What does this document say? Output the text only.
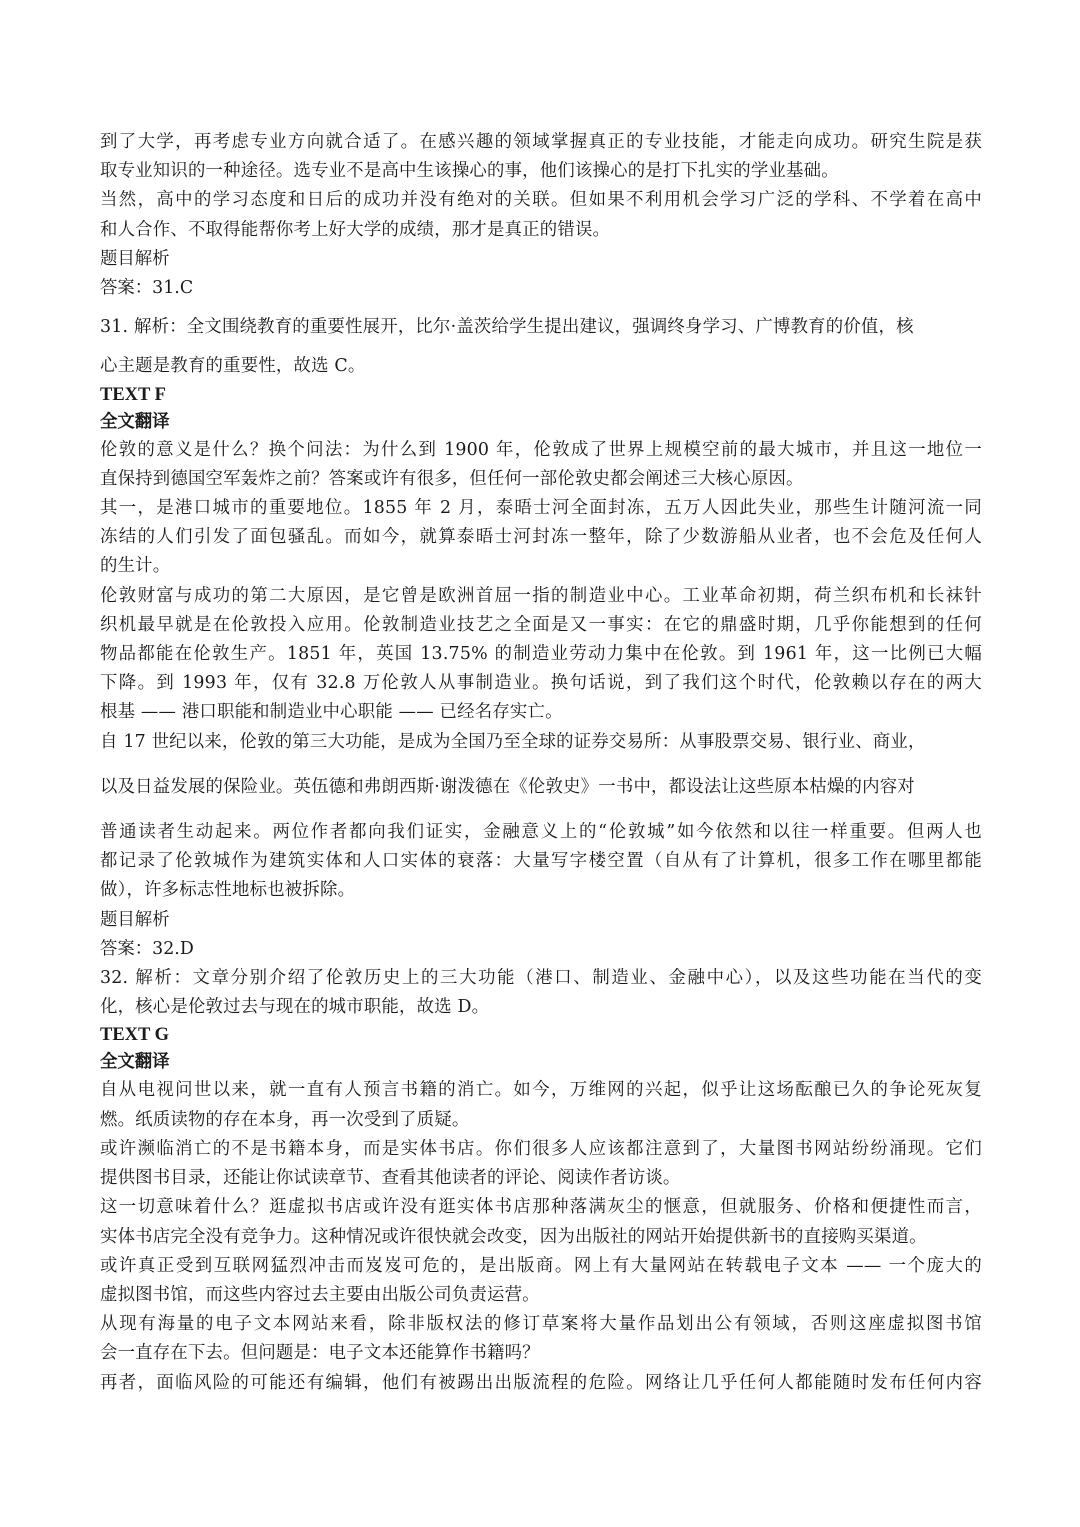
到了大学，再考虑专业方向就合适了。在感兴趣的领域掌握真正的专业技能，才能走向成功。研究生院是获
取专业知识的一种途径。选专业不是高中生该操心的事，他们该操心的是打下扎实的学业基础。
当然，高中的学习态度和日后的成功并没有绝对的关联。但如果不利用机会学习广泛的学科、不学着在高中
和人合作、不取得能帮你考上好大学的成绩，那才是真正的错误。
题目解析
答案：31.C
31. 解析：全文围绕教育的重要性展开，比尔·盖茨给学生提出建议，强调终身学习、广博教育的价值，核
心主题是教育的重要性，故选 C。
TEXT F
全文翻译
伦敦的意义是什么？换个问法：为什么到 1900 年，伦敦成了世界上规模空前的最大城市，并且这一地位一
直保持到德国空军轰炸之前？答案或许有很多，但任何一部伦敦史都会阐述三大核心原因。
其一，是港口城市的重要地位。1855 年 2 月，泰晤士河全面封冻，五万人因此失业，那些生计随河流一同
冻结的人们引发了面包骚乱。而如今，就算泰晤士河封冻一整年，除了少数游船从业者，也不会危及任何人
的生计。
伦敦财富与成功的第二大原因，是它曾是欧洲首屈一指的制造业中心。工业革命初期，荷兰织布机和长袜针
织机最早就是在伦敦投入应用。伦敦制造业技艺之全面是又一事实：在它的鼎盛时期，几乎你能想到的任何
物品都能在伦敦生产。1851 年，英国 13.75% 的制造业劳动力集中在伦敦。到 1961 年，这一比例已大幅
下降。到 1993 年，仅有 32.8 万伦敦人从事制造业。换句话说，到了我们这个时代，伦敦赖以存在的两大
根基 —— 港口职能和制造业中心职能 —— 已经名存实亡。
自 17 世纪以来，伦敦的第三大功能，是成为全国乃至全球的证券交易所：从事股票交易、银行业、商业，
以及日益发展的保险业。英伍德和弗朗西斯·谢泼德在《伦敦史》一书中，都设法让这些原本枯燥的内容对
普通读者生动起来。两位作者都向我们证实，金融意义上的“伦敦城”如今依然和以往一样重要。但两人也
都记录了伦敦城作为建筑实体和人口实体的衰落：大量写字楼空置（自从有了计算机，很多工作在哪里都能
做），许多标志性地标也被拆除。
题目解析
答案：32.D
32. 解析：文章分别介绍了伦敦历史上的三大功能（港口、制造业、金融中心），以及这些功能在当代的变
化，核心是伦敦过去与现在的城市职能，故选 D。
TEXT G
全文翻译
自从电视问世以来，就一直有人预言书籍的消亡。如今，万维网的兴起，似乎让这场酝酿已久的争论死灰复
燃。纸质读物的存在本身，再一次受到了质疑。
或许濒临消亡的不是书籍本身，而是实体书店。你们很多人应该都注意到了，大量图书网站纷纷涌现。它们
提供图书目录，还能让你试读章节、查看其他读者的评论、阅读作者访谈。
这一切意味着什么？逛虚拟书店或许没有逛实体书店那种落满灰尘的惬意，但就服务、价格和便捷性而言，
实体书店完全没有竞争力。这种情况或许很快就会改变，因为出版社的网站开始提供新书的直接购买渠道。
或许真正受到互联网猛烈冲击而岌岌可危的，是出版商。网上有大量网站在转载电子文本 —— 一个庞大的
虚拟图书馆，而这些内容过去主要由出版公司负责运营。
从现有海量的电子文本网站来看，除非版权法的修订草案将大量作品划出公有领域，否则这座虚拟图书馆
会一直存在下去。但问题是：电子文本还能算作书籍吗？
再者，面临风险的可能还有编辑，他们有被踢出出版流程的危险。网络让几乎任何人都能随时发布任何内容
